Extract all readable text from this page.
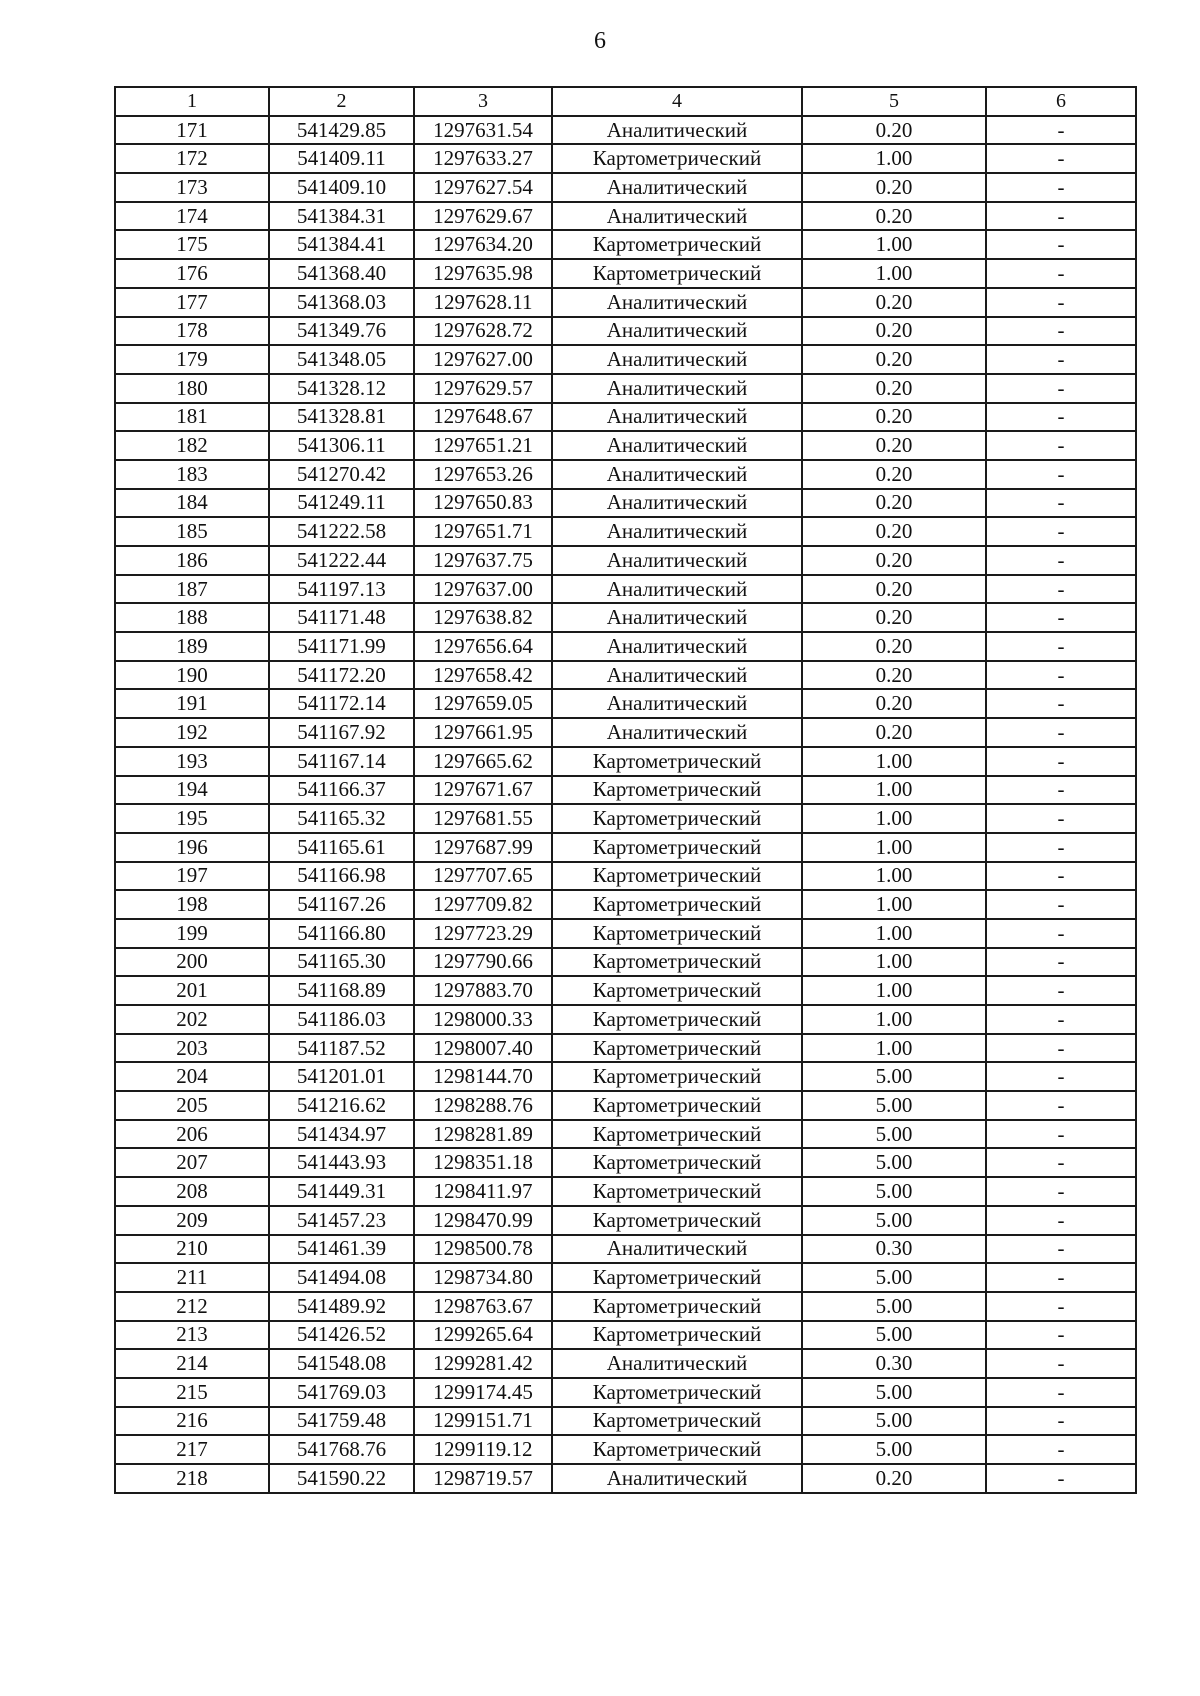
6
1	2	3	4	5	6
171	541429.85	1297631.54	Аналитический	0.20	-
172	541409.11	1297633.27	Картометрический	1.00	-
173	541409.10	1297627.54	Аналитический	0.20	-
174	541384.31	1297629.67	Аналитический	0.20	-
175	541384.41	1297634.20	Картометрический	1.00	-
176	541368.40	1297635.98	Картометрический	1.00	-
177	541368.03	1297628.11	Аналитический	0.20	-
178	541349.76	1297628.72	Аналитический	0.20	-
179	541348.05	1297627.00	Аналитический	0.20	-
180	541328.12	1297629.57	Аналитический	0.20	-
181	541328.81	1297648.67	Аналитический	0.20	-
182	541306.11	1297651.21	Аналитический	0.20	-
183	541270.42	1297653.26	Аналитический	0.20	-
184	541249.11	1297650.83	Аналитический	0.20	-
185	541222.58	1297651.71	Аналитический	0.20	-
186	541222.44	1297637.75	Аналитический	0.20	-
187	541197.13	1297637.00	Аналитический	0.20	-
188	541171.48	1297638.82	Аналитический	0.20	-
189	541171.99	1297656.64	Аналитический	0.20	-
190	541172.20	1297658.42	Аналитический	0.20	-
191	541172.14	1297659.05	Аналитический	0.20	-
192	541167.92	1297661.95	Аналитический	0.20	-
193	541167.14	1297665.62	Картометрический	1.00	-
194	541166.37	1297671.67	Картометрический	1.00	-
195	541165.32	1297681.55	Картометрический	1.00	-
196	541165.61	1297687.99	Картометрический	1.00	-
197	541166.98	1297707.65	Картометрический	1.00	-
198	541167.26	1297709.82	Картометрический	1.00	-
199	541166.80	1297723.29	Картометрический	1.00	-
200	541165.30	1297790.66	Картометрический	1.00	-
201	541168.89	1297883.70	Картометрический	1.00	-
202	541186.03	1298000.33	Картометрический	1.00	-
203	541187.52	1298007.40	Картометрический	1.00	-
204	541201.01	1298144.70	Картометрический	5.00	-
205	541216.62	1298288.76	Картометрический	5.00	-
206	541434.97	1298281.89	Картометрический	5.00	-
207	541443.93	1298351.18	Картометрический	5.00	-
208	541449.31	1298411.97	Картометрический	5.00	-
209	541457.23	1298470.99	Картометрический	5.00	-
210	541461.39	1298500.78	Аналитический	0.30	-
211	541494.08	1298734.80	Картометрический	5.00	-
212	541489.92	1298763.67	Картометрический	5.00	-
213	541426.52	1299265.64	Картометрический	5.00	-
214	541548.08	1299281.42	Аналитический	0.30	-
215	541769.03	1299174.45	Картометрический	5.00	-
216	541759.48	1299151.71	Картометрический	5.00	-
217	541768.76	1299119.12	Картометрический	5.00	-
218	541590.22	1298719.57	Аналитический	0.20	-
